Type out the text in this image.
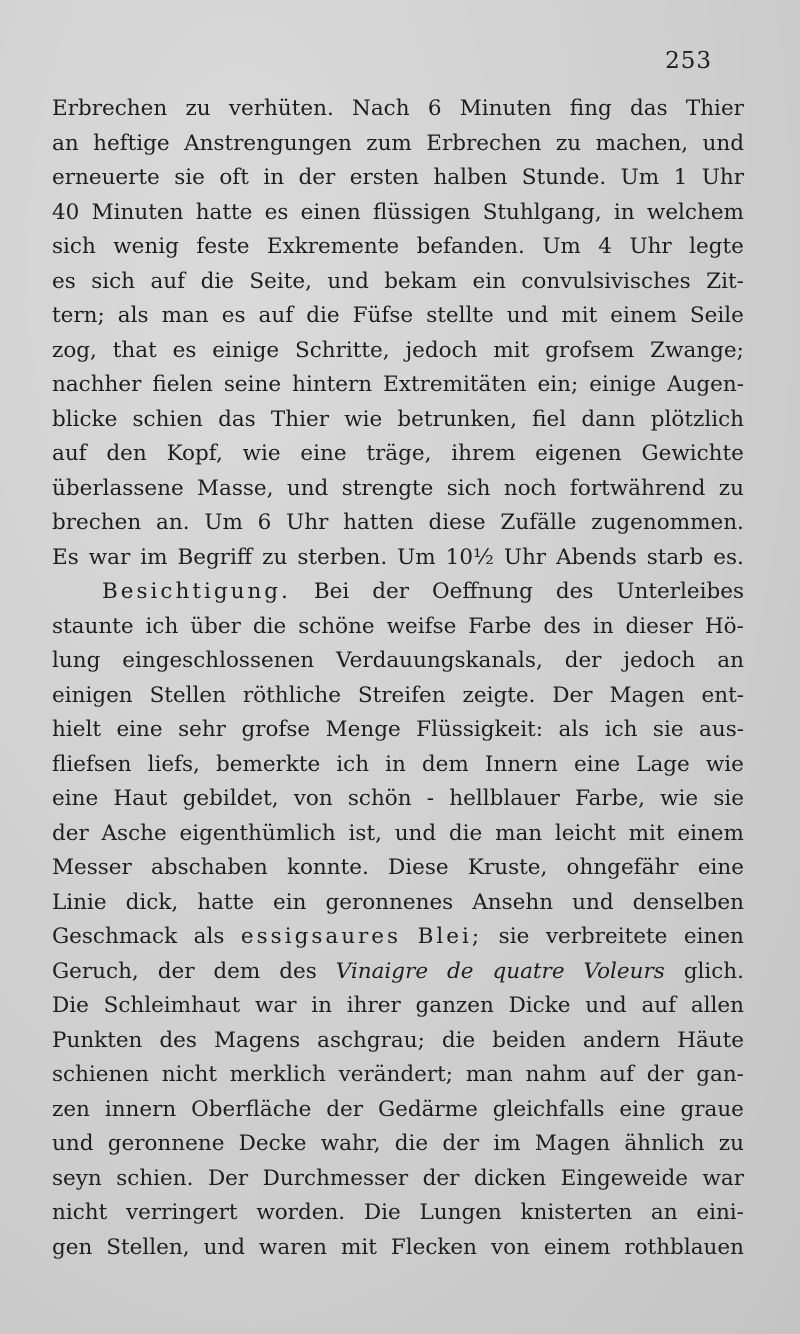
253
Erbrechen zu verhüten. Nach 6 Minuten fing das Thier
an heftige Anstrengungen zum Erbrechen zu machen, und
erneuerte sie oft in der ersten halben Stunde. Um 1 Uhr
40 Minuten hatte es einen flüssigen Stuhlgang, in welchem
sich wenig feste Exkremente befanden. Um 4 Uhr legte
es sich auf die Seite, und bekam ein convulsivisches Zit-
tern; als man es auf die Füfse stellte und mit einem Seile
zog, that es einige Schritte, jedoch mit grofsem Zwange;
nachher fielen seine hintern Extremitäten ein; einige Augen-
blicke schien das Thier wie betrunken, fiel dann plötzlich
auf den Kopf, wie eine träge, ihrem eigenen Gewichte
überlassene Masse, und strengte sich noch fortwährend zu
brechen an. Um 6 Uhr hatten diese Zufälle zugenommen.
Es war im Begriff zu sterben. Um 10½ Uhr Abends starb es.
Besichtigung. Bei der Oeffnung des Unterleibes
staunte ich über die schöne weifse Farbe des in dieser Hö-
lung eingeschlossenen Verdauungskanals, der jedoch an
einigen Stellen röthliche Streifen zeigte. Der Magen ent-
hielt eine sehr grofse Menge Flüssigkeit: als ich sie aus-
fliefsen liefs, bemerkte ich in dem Innern eine Lage wie
eine Haut gebildet, von schön - hellblauer Farbe, wie sie
der Asche eigenthümlich ist, und die man leicht mit einem
Messer abschaben konnte. Diese Kruste, ohngefähr eine
Linie dick, hatte ein geronnenes Ansehn und denselben
Geschmack als essigsaures Blei; sie verbreitete einen
Geruch, der dem des Vinaigre de quatre Voleurs glich.
Die Schleimhaut war in ihrer ganzen Dicke und auf allen
Punkten des Magens aschgrau; die beiden andern Häute
schienen nicht merklich verändert; man nahm auf der gan-
zen innern Oberfläche der Gedärme gleichfalls eine graue
und geronnene Decke wahr, die der im Magen ähnlich zu
seyn schien. Der Durchmesser der dicken Eingeweide war
nicht verringert worden. Die Lungen knisterten an eini-
gen Stellen, und waren mit Flecken von einem rothblauen
